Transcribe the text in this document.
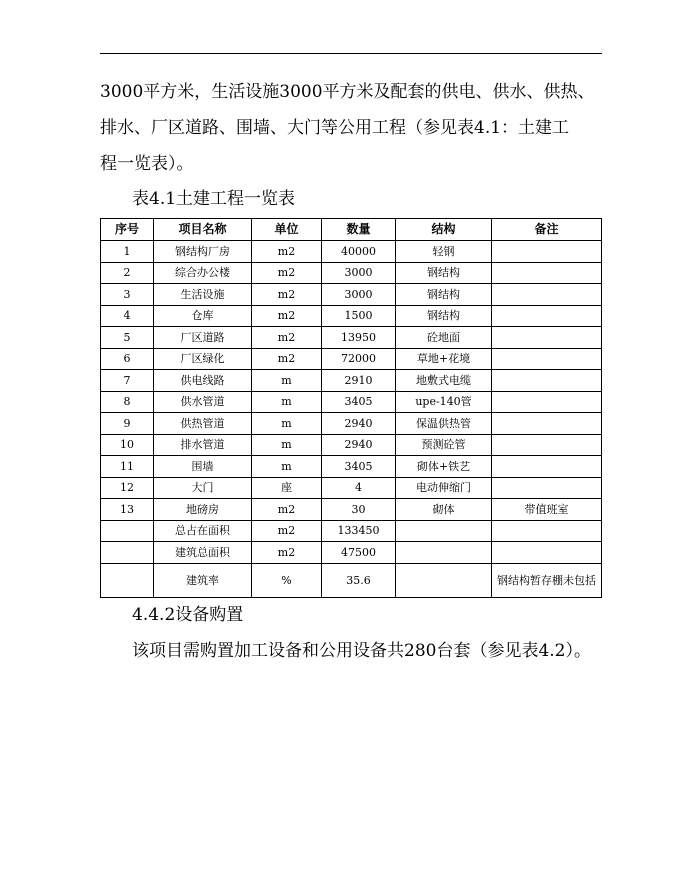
3000平方米，生活设施3000平方米及配套的供电、供水、供热、
排水、厂区道路、围墙、大门等公用工程（参见表4.1：土建工
程一览表）。
表4.1土建工程一览表
序号	项目名称	单位	数量	结构	备注
1	钢结构厂房	m2	40000	轻钢	
2	综合办公楼	m2	3000	钢结构	
3	生活设施	m2	3000	钢结构	
4	仓库	m2	1500	钢结构	
5	厂区道路	m2	13950	砼地面	
6	厂区绿化	m2	72000	草地+花境	
7	供电线路	m	2910	地敷式电缆	
8	供水管道	m	3405	upe-140管	
9	供热管道	m	2940	保温供热管	
10	排水管道	m	2940	预测砼管	
11	围墙	m	3405	砌体+铁艺	
12	大门	座	4	电动伸缩门	
13	地磅房	m2	30	砌体	带值班室
	总占在面积	m2	133450		
	建筑总面积	m2	47500		
	建筑率	%	35.6		钢结构暂存棚未包括
4.4.2设备购置
该项目需购置加工设备和公用设备共280台套（参见表4.2）。
